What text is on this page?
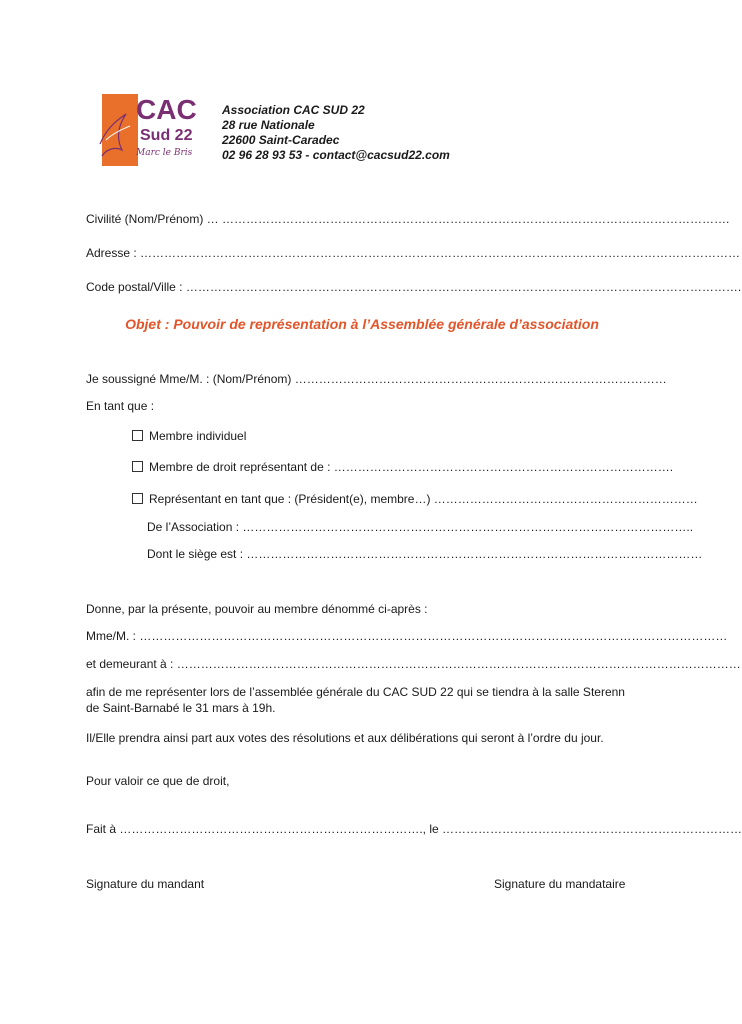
CAC
Sud 22
Marc le Bris
Association CAC SUD 22
28 rue Nationale
22600 Saint-Caradec
02 96 28 93 53 - contact@cacsud22.com
Civilité (Nom/Prénom) … ……………………………………………………………………………………………………………….
Adresse : ……………………………………………………………………………………………………………………………………
Code postal/Ville : ………………………………………………………………………………………………………………………….
Objet : Pouvoir de représentation à l’Assemblée générale d’association
Je soussigné Mme/M. : (Nom/Prénom) …………………………………………………………………………………
En tant que :
Membre individuel
Membre de droit représentant de : ………………………………………………………………………….
Représentant en tant que : (Président(e), membre…) …………………………………………………………
De l’Association : …………………………………………………………………………………………………..
Dont le siège est : ……………………………………………………………………………………………………
Donne, par la présente, pouvoir au membre dénommé ci-après :
Mme/M. : …………………………………………………………………………………………………………………………………
et demeurant à : ……………………………………………………………………………………………………………………………
afin de me représenter lors de l’assemblée générale du CAC SUD 22 qui se tiendra à la salle Sterenn
de Saint-Barnabé le 31 mars à 19h.
Il/Elle prendra ainsi part aux votes des résolutions et aux délibérations qui seront à l’ordre du jour.
Pour valoir ce que de droit,
Fait à …………………………………………………………………., le …………………………………………………………………
Signature du mandant	Signature du mandataire
